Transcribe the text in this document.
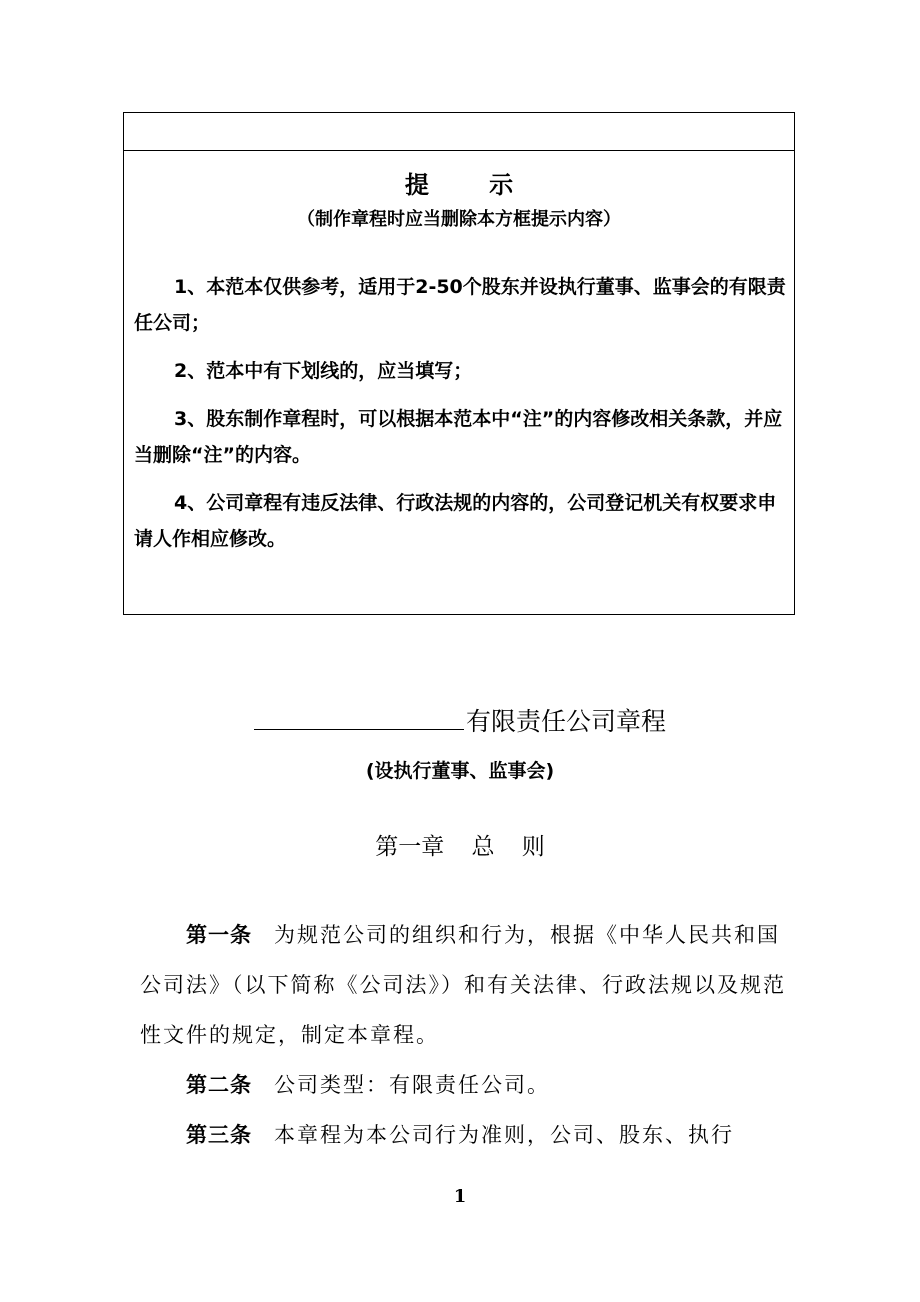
提 示
（制作章程时应当删除本方框提示内容）
1、本范本仅供参考，适用于2-50个股东并设执行董事、监事会的有限责任公司；
2、范本中有下划线的，应当填写；
3、股东制作章程时，可以根据本范本中“注”的内容修改相关条款，并应当删除“注”的内容。
4、公司章程有违反法律、行政法规的内容的，公司登记机关有权要求申请人作相应修改。
有限责任公司章程
(设执行董事、监事会)
第一章 总 则
第一条 为规范公司的组织和行为，根据《中华人民共和国公司法》（以下简称《公司法》）和有关法律、行政法规以及规范性文件的规定，制定本章程。
第二条 公司类型：有限责任公司。
第三条 本章程为本公司行为准则，公司、股东、执行
1
